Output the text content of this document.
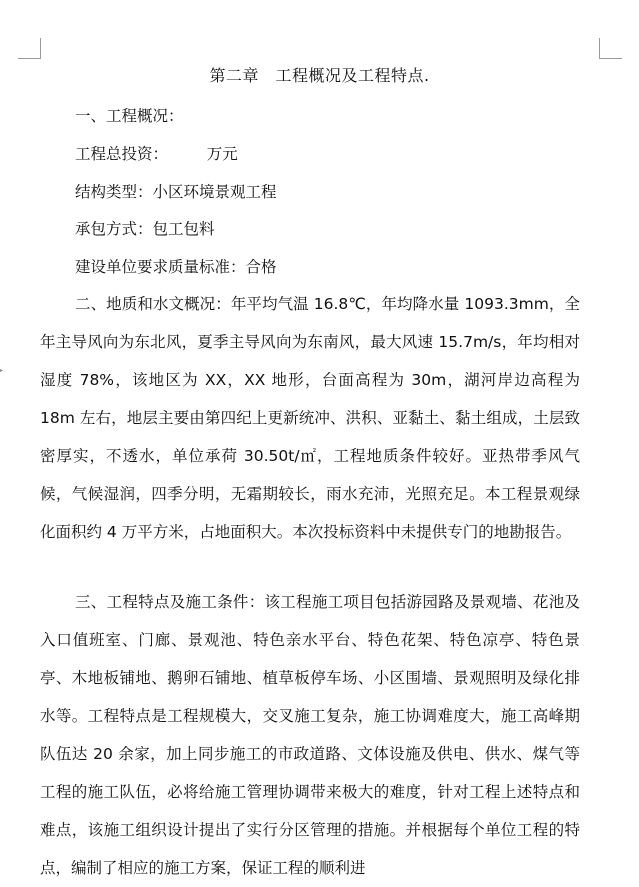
▸
第二章　工程概况及工程特点.
一、工程概况：
工程总投资：　　　万元
结构类型：小区环境景观工程
承包方式：包工包料
建设单位要求质量标准：合格
二、地质和水文概况：年平均气温 16.8℃，年均降水量 1093.3mm，全年主导风向为东北风，夏季主导风向为东南风，最大风速 15.7m/s，年均相对湿度 78%，该地区为 XX，XX 地形，台面高程为 30m，湖河岸边高程为 18m 左右，地层主要由第四纪上更新统冲、洪积、亚黏土、黏土组成，土层致密厚实，不透水，单位承荷 30.50t/㎡，工程地质条件较好。亚热带季风气候，气候湿润，四季分明，无霜期较长，雨水充沛，光照充足。本工程景观绿化面积约 4 万平方米，占地面积大。本次投标资料中未提供专门的地勘报告。
三、工程特点及施工条件：该工程施工项目包括游园路及景观墙、花池及入口值班室、门廊、景观池、特色亲水平台、特色花架、特色凉亭、特色景亭、木地板铺地、鹅卵石铺地、植草板停车场、小区围墙、景观照明及绿化排水等。工程特点是工程规模大，交叉施工复杂，施工协调难度大，施工高峰期队伍达 20 余家，加上同步施工的市政道路、文体设施及供电、供水、煤气等工程的施工队伍，必将给施工管理协调带来极大的难度，针对工程上述特点和难点，该施工组织设计提出了实行分区管理的措施。并根据每个单位工程的特点，编制了相应的施工方案，保证工程的顺利进
